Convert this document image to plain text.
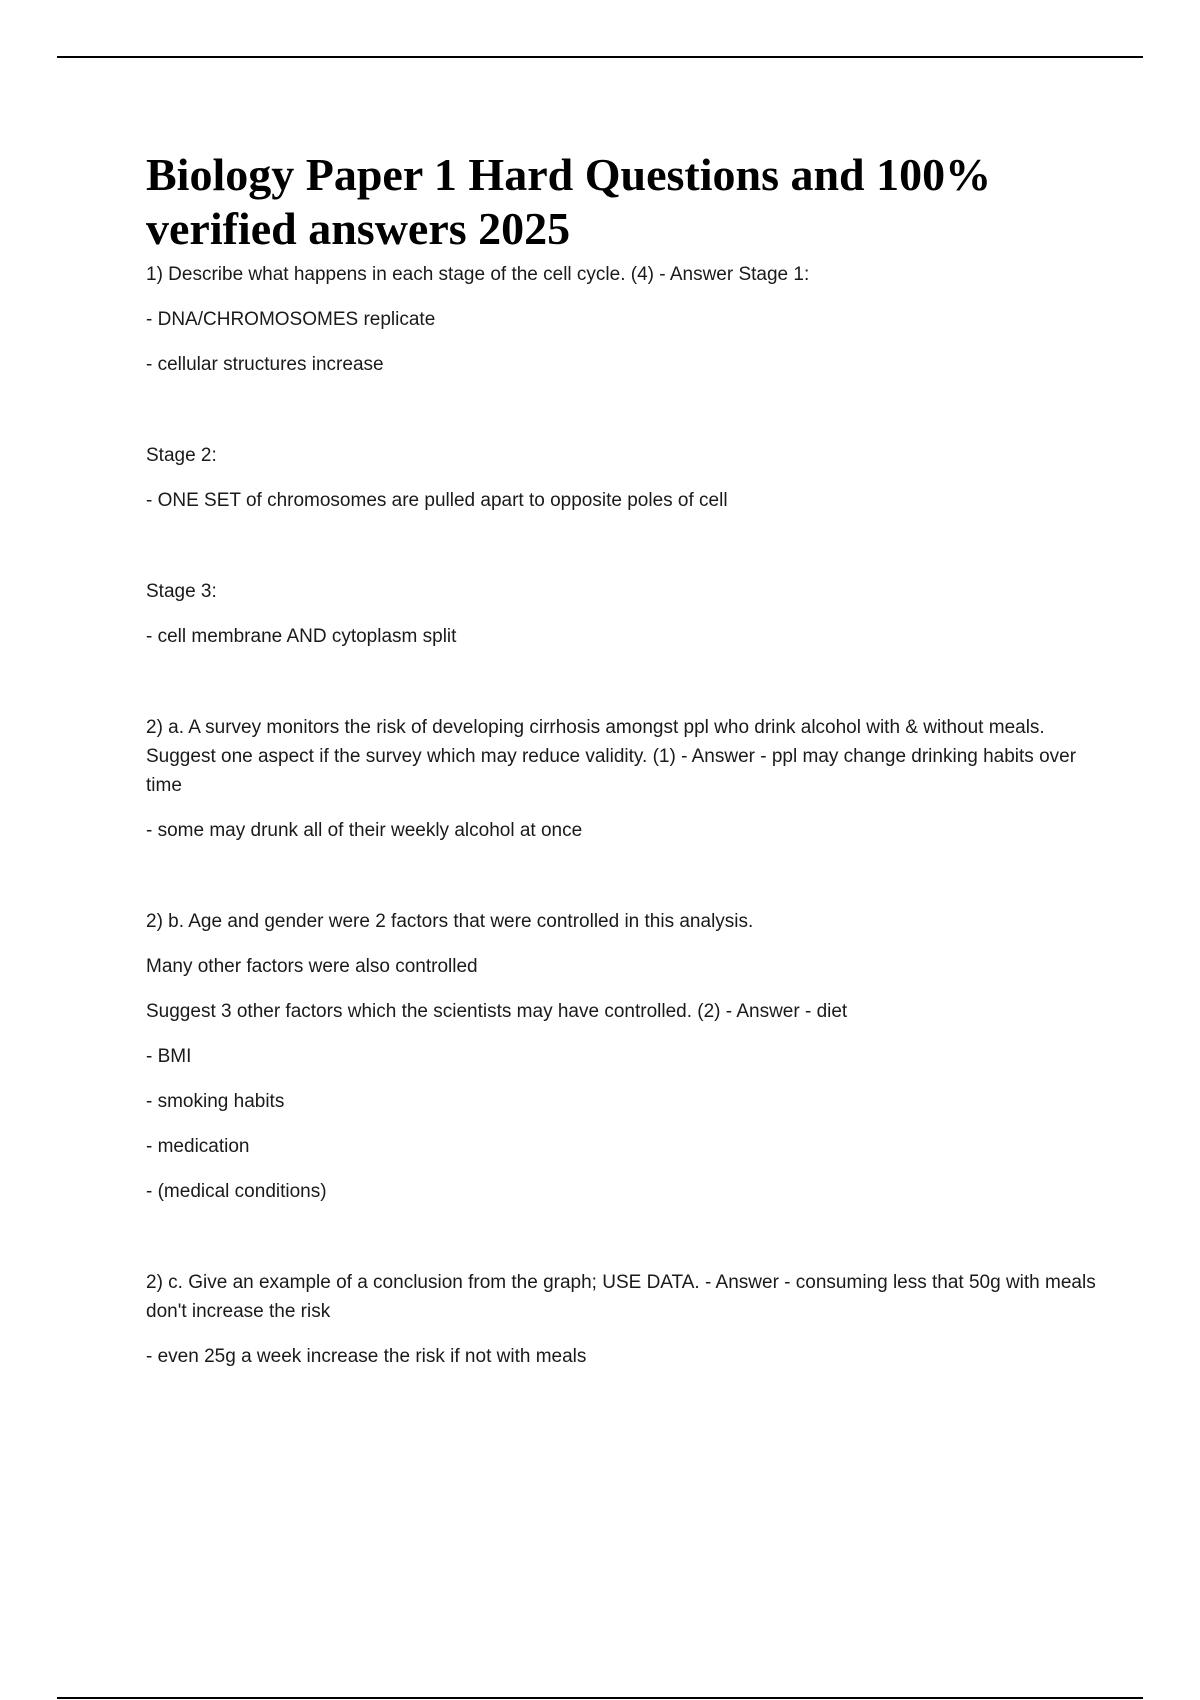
Biology Paper 1 Hard Questions and 100% verified answers 2025

1) Describe what happens in each stage of the cell cycle. (4) - Answer Stage 1:

- DNA/CHROMOSOMES replicate

- cellular structures increase

Stage 2:

- ONE SET of chromosomes are pulled apart to opposite poles of cell

Stage 3:

- cell membrane AND cytoplasm split

2) a. A survey monitors the risk of developing cirrhosis amongst ppl who drink alcohol with & without meals. Suggest one aspect if the survey which may reduce validity. (1) - Answer - ppl may change drinking habits over time

- some may drunk all of their weekly alcohol at once

2) b. Age and gender were 2 factors that were controlled in this analysis.

Many other factors were also controlled

Suggest 3 other factors which the scientists may have controlled. (2) - Answer - diet

- BMI

- smoking habits

- medication

- (medical conditions)

2) c. Give an example of a conclusion from the graph; USE DATA. - Answer - consuming less that 50g with meals don't increase the risk

- even 25g a week increase the risk if not with meals
